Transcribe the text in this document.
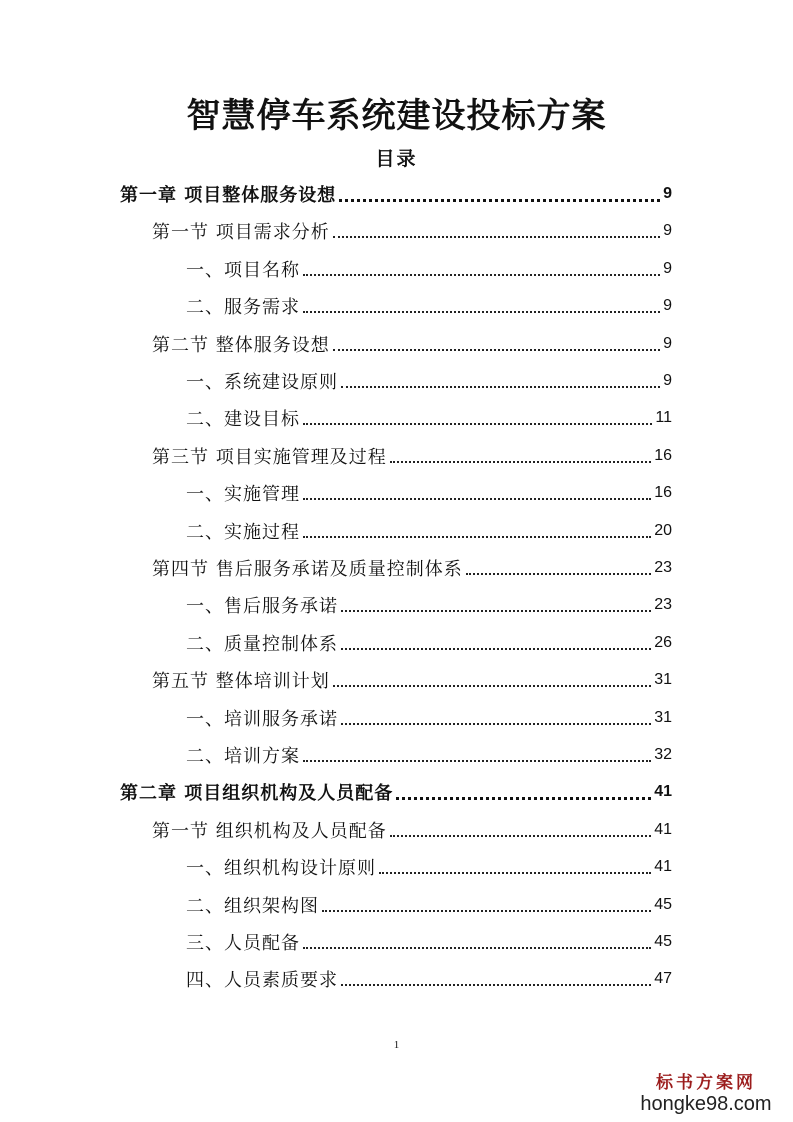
智慧停车系统建设投标方案
目录
第一章 项目整体服务设想	9
第一节 项目需求分析	9
一、项目名称	9
二、服务需求	9
第二节 整体服务设想	9
一、系统建设原则	9
二、建设目标	11
第三节 项目实施管理及过程	16
一、实施管理	16
二、实施过程	20
第四节 售后服务承诺及质量控制体系	23
一、售后服务承诺	23
二、质量控制体系	26
第五节 整体培训计划	31
一、培训服务承诺	31
二、培训方案	32
第二章 项目组织机构及人员配备	41
第一节 组织机构及人员配备	41
一、组织机构设计原则	41
二、组织架构图	45
三、人员配备	45
四、人员素质要求	47
1
标书方案网
hongke98.com
